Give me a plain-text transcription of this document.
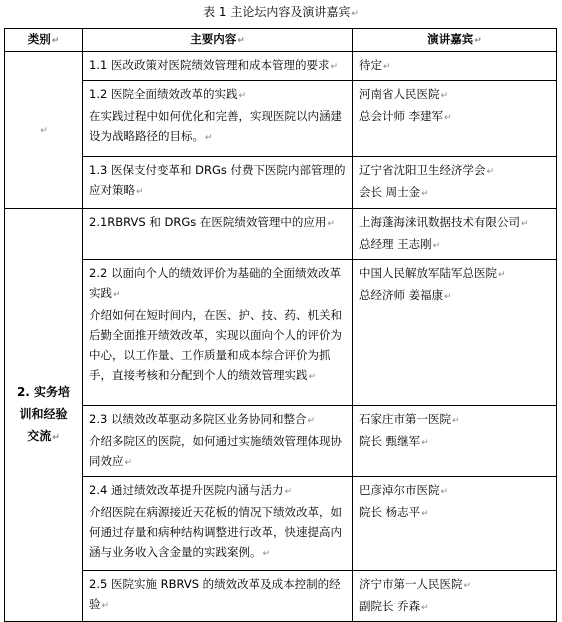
表 1 主论坛内容及演讲嘉宾↵
类别↵	主要内容↵	演讲嘉宾↵
↵	1.1 医改政策对医院绩效管理和成本管理的要求↵	待定↵

	1.2 医院全面绩效改革的实践↵
在实践过程中如何优化和完善，实现医院以内涵建设为战略路径的目标。↵	河南省人民医院↵
总会计师 李建军↵

	1.3 医保支付变革和 DRGs 付费下医院内部管理的应对策略↵	辽宁省沈阳卫生经济学会↵
会长 周士金↵

2. 实务培
训和经验
交流↵	2.1RBRVS 和 DRGs 在医院绩效管理中的应用↵	上海蓬海涞讯数据技术有限公司↵
总经理 王志刚↵

	2.2 以面向个人的绩效评价为基础的全面绩效改革实践↵
介绍如何在短时间内，在医、护、技、药、机关和后勤全面推开绩效改革，实现以面向个人的评价为中心，以工作量、工作质量和成本综合评价为抓手，直接考核和分配到个人的绩效管理实践↵	中国人民解放军陆军总医院↵
总经济师 姜福康↵

	2.3 以绩效改革驱动多院区业务协同和整合↵
介绍多院区的医院，如何通过实施绩效管理体现协同效应↵	石家庄市第一医院↵
院长 甄继军↵

	2.4 通过绩效改革提升医院内涵与活力↵
介绍医院在病源接近天花板的情况下绩效改革，如何通过存量和病种结构调整进行改革，快速提高内涵与业务收入含金量的实践案例。↵	巴彦淖尔市医院↵
院长 杨志平↵

	2.5 医院实施 RBRVS 的绩效改革及成本控制的经验↵	济宁市第一人民医院↵
副院长 乔森↵
